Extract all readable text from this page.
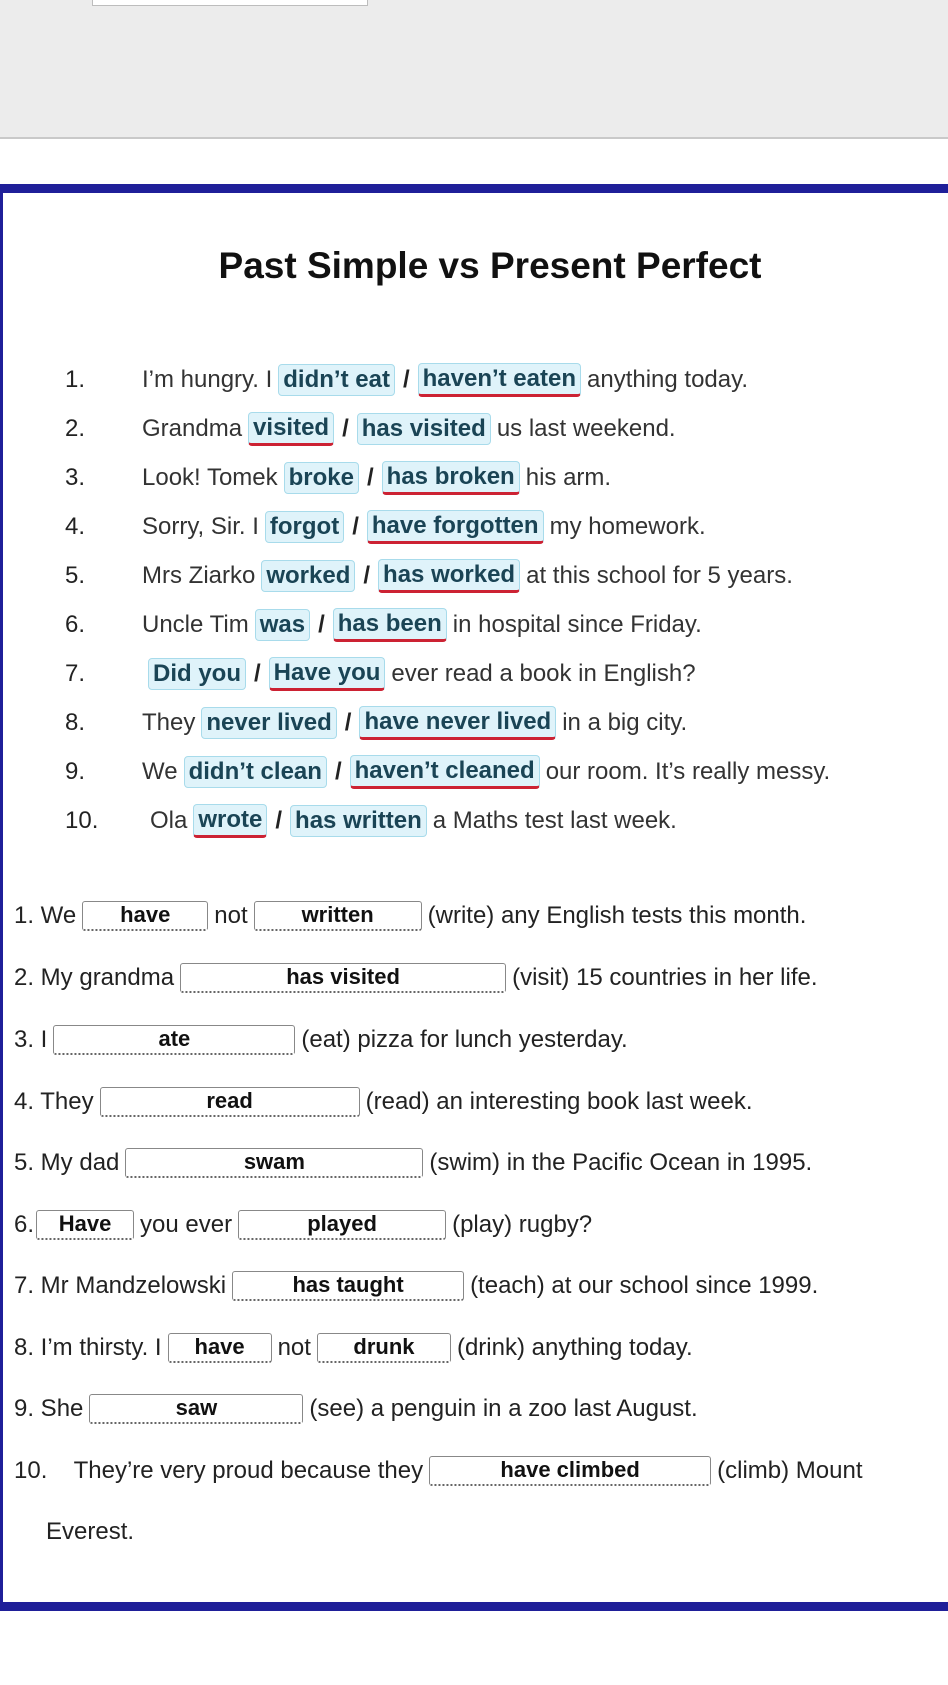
Past Simple vs Present Perfect
1. I’m hungry. I didn’t eat / haven’t eaten anything today.
2. Grandma visited / has visited us last weekend.
3. Look! Tomek broke / has broken his arm.
4. Sorry, Sir. I forgot / have forgotten my homework.
5. Mrs Ziarko worked / has worked at this school for 5 years.
6. Uncle Tim was / has been in hospital since Friday.
7.	Did you / Have you ever read a book in English?
8. They never lived / have never lived in a big city.
9. We didn’t clean / haven’t cleaned our room. It’s really messy.
10. Ola wrote / has written a Maths test last week.
1. We	have	not	written	(write) any English tests this month.
2. My grandma	has visited	(visit) 15 countries in her life.
3. I	ate	(eat) pizza for lunch yesterday.
4. They	read	(read) an interesting book last week.
5. My dad	swam	(swim) in the Pacific Ocean in 1995.
6.	Have	you ever	played	(play) rugby?
7. Mr Mandzelowski	has taught	(teach) at our school since 1999.
8. I’m thirsty. I	have	not	drunk	(drink) anything today.
9. She	saw	(see) a penguin in a zoo last August.
10.    They’re very proud because they	have climbed	(climb) Mount
Everest.
